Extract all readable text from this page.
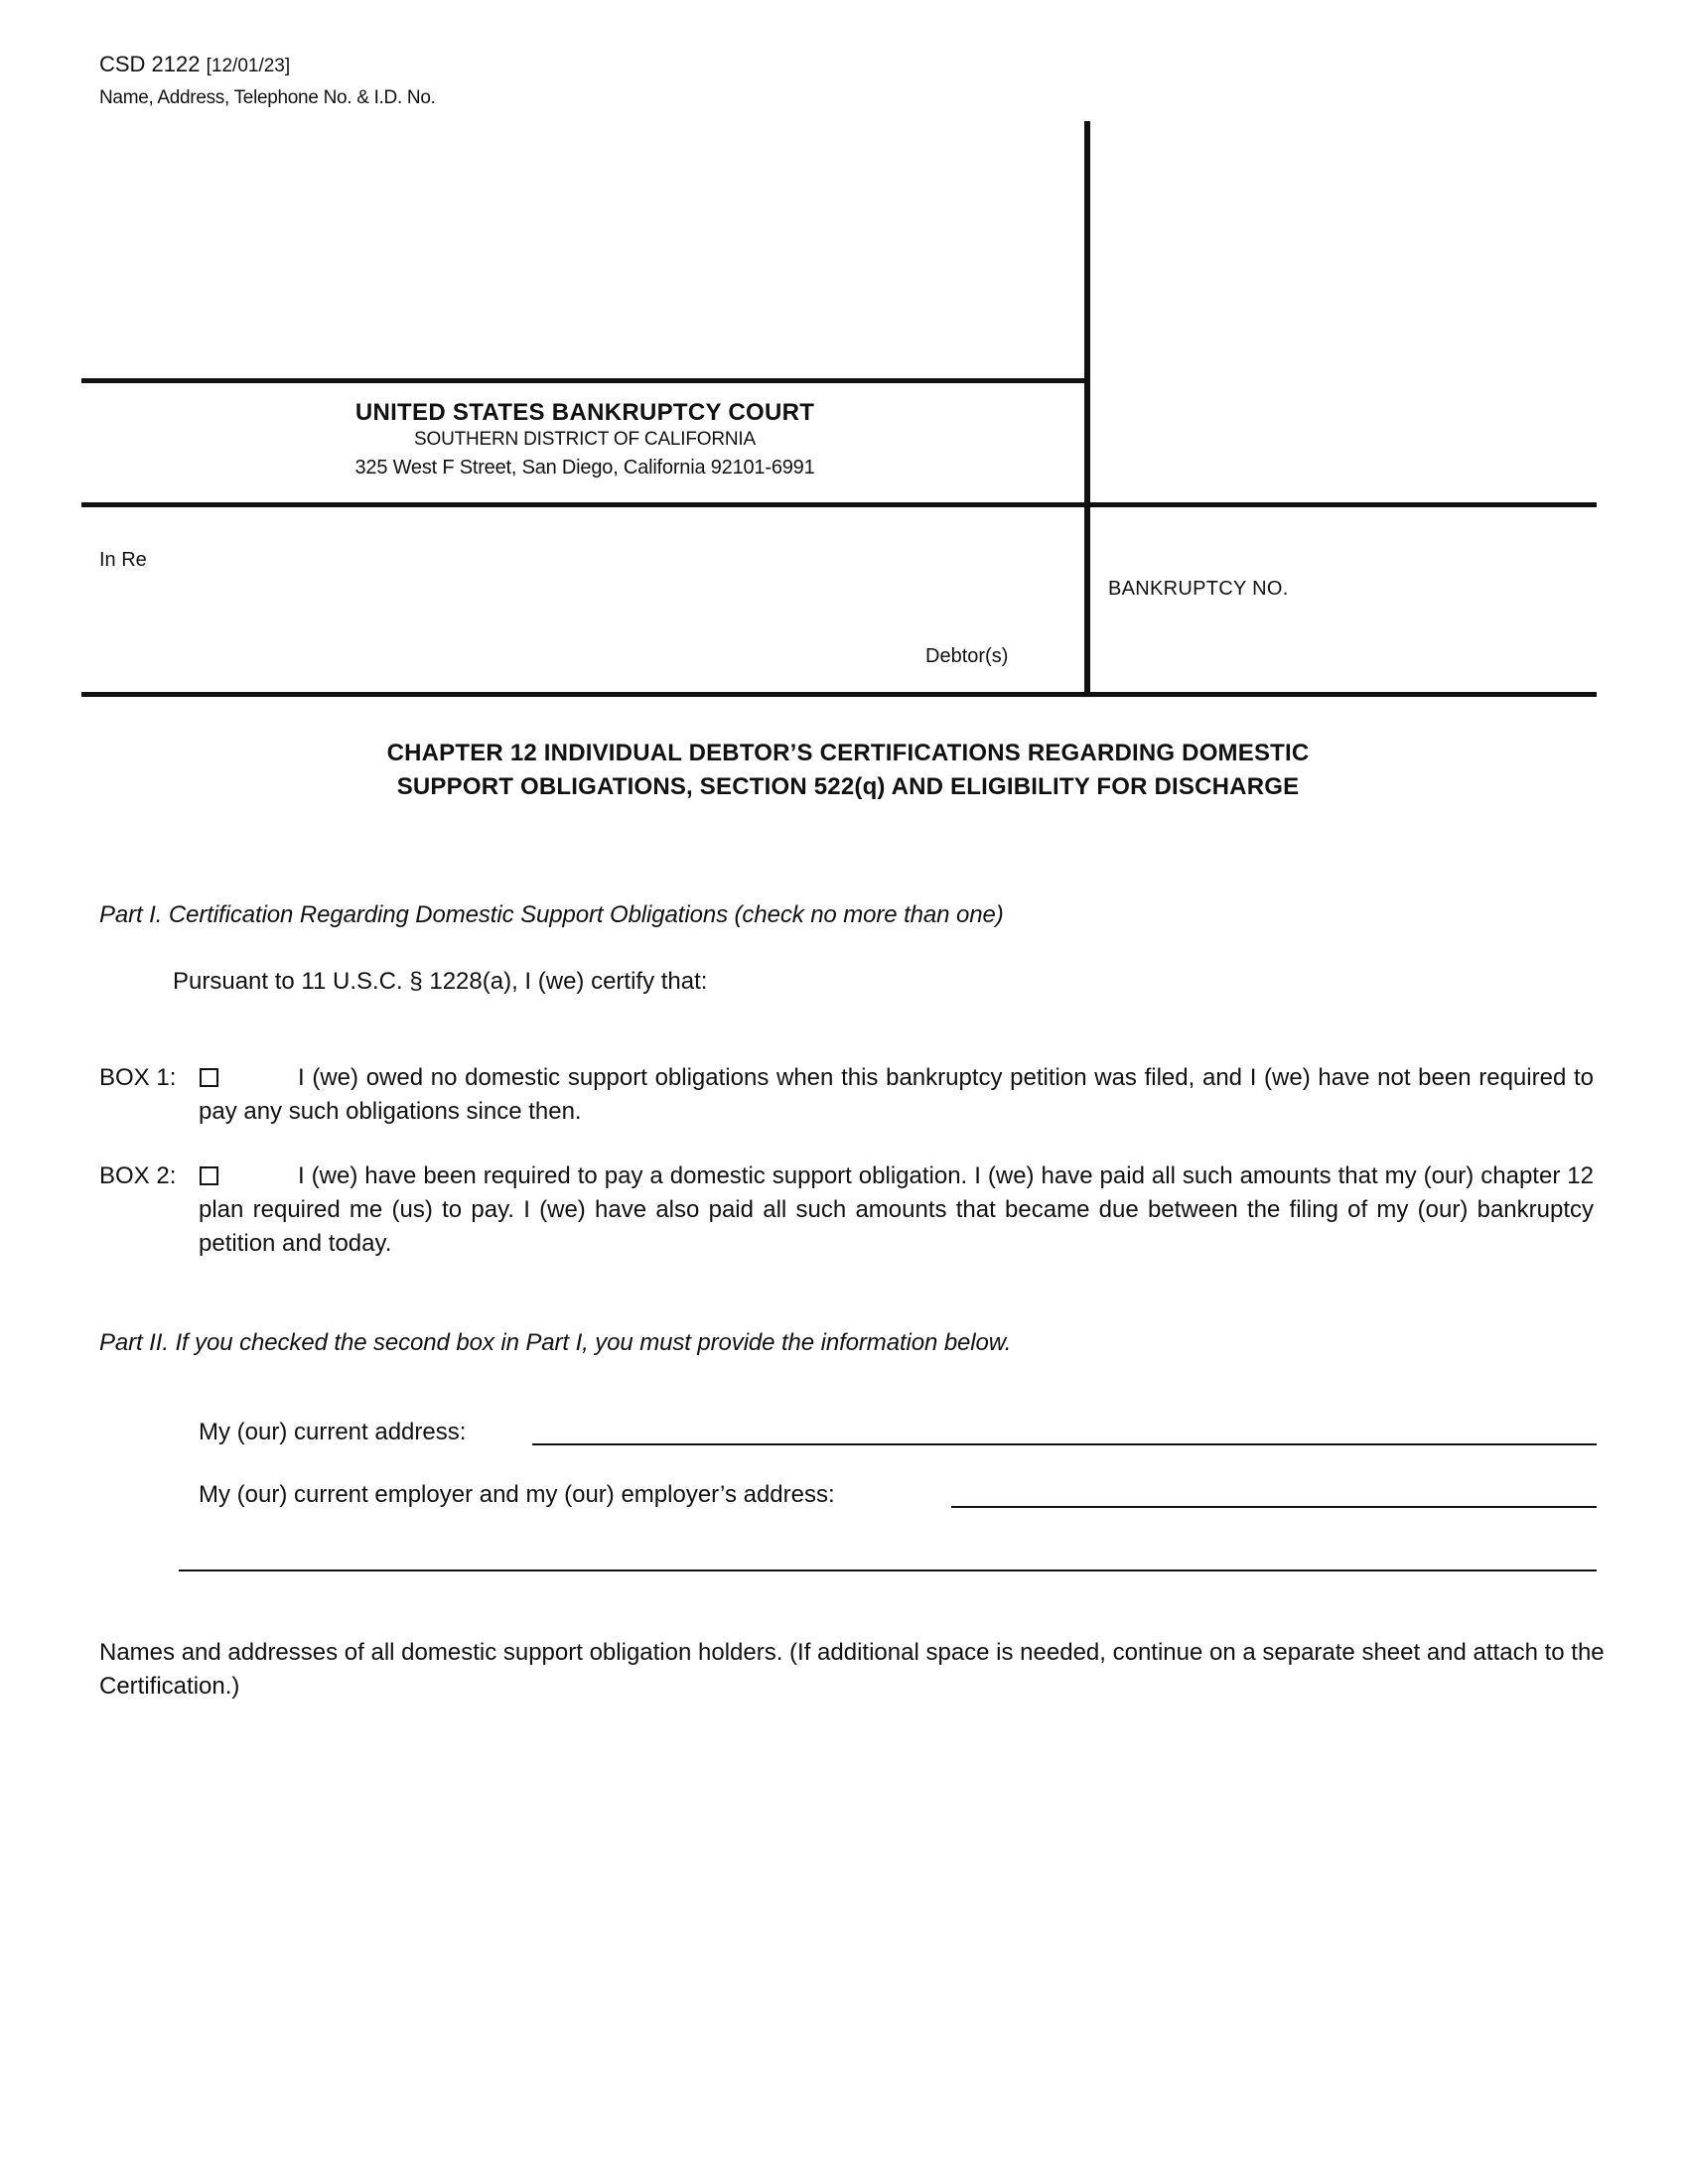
CSD 2122 [12/01/23]
Name, Address, Telephone No. & I.D. No.
UNITED STATES BANKRUPTCY COURT
SOUTHERN DISTRICT OF CALIFORNIA
325 West F Street, San Diego, California 92101-6991
In Re
Debtor(s)
BANKRUPTCY NO.
CHAPTER 12 INDIVIDUAL DEBTOR’S CERTIFICATIONS REGARDING DOMESTIC
SUPPORT OBLIGATIONS, SECTION 522(q) AND ELIGIBILITY FOR DISCHARGE
Part I. Certification Regarding Domestic Support Obligations (check no more than one)
Pursuant to 11 U.S.C. § 1228(a), I (we) certify that:
BOX 1:	I (we) owed no domestic support obligations when this bankruptcy petition was filed, and I (we) have not been required to pay any such obligations since then.
BOX 2:	I (we) have been required to pay a domestic support obligation. I (we) have paid all such amounts that my (our) chapter 12 plan required me (us) to pay. I (we) have also paid all such amounts that became due between the filing of my (our) bankruptcy petition and today.
Part II. If you checked the second box in Part I, you must provide the information below.
My (our) current address:
My (our) current employer and my (our) employer’s address:
Names and addresses of all domestic support obligation holders. (If additional space is needed, continue on a separate sheet and attach to the Certification.)
